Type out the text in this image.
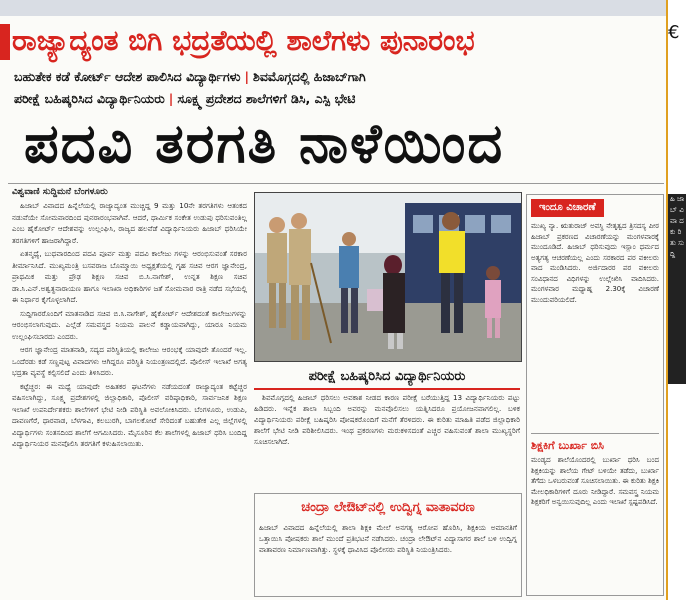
ರಾಜ್ಯಾದ್ಯಂತ ಬಿಗಿ ಭದ್ರತೆಯಲ್ಲಿ ಶಾಲೆಗಳು ಪುನಾರಂಭ
ಬಹುತೇಕ ಕಡೆ ಕೋರ್ಟ್ ಆದೇಶ ಪಾಲಿಸಿದ ವಿದ್ಯಾರ್ಥಿಗಳು | ಶಿವಮೊಗ್ಗದಲ್ಲಿ ಹಿಜಾಬ್‌ಗಾಗಿ
ಪರೀಕ್ಷೆ ಬಹಿಷ್ಕರಿಸಿದ ವಿದ್ಯಾರ್ಥಿನಿಯರು | ಸೂಕ್ಷ್ಮ ಪ್ರದೇಶದ ಶಾಲೆಗಳಿಗೆ ಡಿಸಿ, ಎಸ್ಪಿ ಭೇಟಿ
ಪದವಿ ತರಗತಿ ನಾಳೆಯಿಂದ
ವಿಶ್ವವಾಣಿ ಸುದ್ದಿಮನೆ ಬೆಂಗಳೂರು

ಹಿಜಾಬ್ ವಿವಾದದ ಹಿನ್ನೆಲೆಯಲ್ಲಿ ರಾಜ್ಯಾದ್ಯಂತ ಮುಚ್ಚಿದ್ದ 9 ಮತ್ತು 10ನೇ ತರಗತಿಗಳು ಆತಂಕದ ನಡುವೆಯೇ ಸೋಮವಾರದಿಂದ ಪುನರಾರಂಭವಾಗಿವೆ. ಆದರೆ, ಧಾರ್ಮಿಕ ಸಂಕೇತ ಉಡುಪು ಧರಿಸುವಂತಿಲ್ಲ ಎಂಬ ಹೈಕೋರ್ಟ್ ಆದೇಶವನ್ನು ಉಲ್ಲಂಘಿಸಿ, ರಾಜ್ಯದ ಹಲವೆಡೆ ವಿದ್ಯಾರ್ಥಿನಿಯರು ಹಿಜಾಬ್ ಧರಿಸಿಯೇ ತರಗತಿಗಳಿಗೆ ಹಾಜರಾಗಿದ್ದಾರೆ.

ಏತನ್ಮಧ್ಯೆ, ಬುಧವಾರದಿಂದ ಪದವಿ ಪೂರ್ವ ಮತ್ತು ಪದವಿ ಕಾಲೇಜು ಗಳನ್ನು ಆರಂಭಿಸುವಂತೆ ಸರಕಾರ ತೀರ್ಮಾನಿಸಿದೆ. ಮುಖ್ಯಮಂತ್ರಿ ಬಸವರಾಜ ಬೊಮ್ಮಾಯಿ ಅಧ್ಯಕ್ಷತೆಯಲ್ಲಿ ಗೃಹ ಸಚಿವ ಆರಗ ಜ್ಞಾನೇಂದ್ರ, ಪ್ರಾಥಮಿಕ ಮತ್ತು ಪ್ರೌಢ ಶಿಕ್ಷಣ ಸಚಿವ ಬಿ.ಸಿ.ನಾಗೇಶ್, ಉನ್ನತ ಶಿಕ್ಷಣ ಸಚಿವ ಡಾ.ಸಿ.ಎನ್.ಅಶ್ವತ್ಥನಾರಾಯಣ ಹಾಗೂ ಇಲಾಖಾ ಅಧಿಕಾರಿಗಳ ಜತೆ ಸೋಮವಾರ ರಾತ್ರಿ ನಡೆದ ಸಭೆಯಲ್ಲಿ ಈ ನಿರ್ಧಾರ ಕೈಗೊಳ್ಳಲಾಗಿದೆ.

ಸುದ್ದಿಗಾರರೊಂದಿಗೆ ಮಾತನಾಡಿದ ಸಚಿವ ಬಿ.ಸಿ.ನಾಗೇಶ್, ಹೈಕೋರ್ಟ್ ಆದೇಶದಂತೆ ಕಾಲೇಜುಗಳನ್ನು ಆರಂಭಿಸಲಾಗುವುದು. ಎಲ್ಲೆಡೆ ಸಮವಸ್ತ್ರದ ನಿಯಮ ಪಾಲನೆ ಕಡ್ಡಾಯವಾಗಿದ್ದು, ಯಾರೂ ನಿಯಮ ಉಲ್ಲಂಘಿಸಬಾರದು ಎಂದರು.

ಆರಗ ಜ್ಞಾನೇಂದ್ರ ಮಾತನಾಡಿ, ಸದ್ಯದ ಪರಿಸ್ಥಿತಿಯಲ್ಲಿ ಕಾಲೇಜು ಆರಂಭಕ್ಕೆ ಯಾವುದೇ ತೊಂದರೆ ಇಲ್ಲ. ಒಂದೆರಡು ಕಡೆ ಸಣ್ಣಪುಟ್ಟ ವಿವಾದಗಳು ಆಗಿದ್ದರೂ ಪರಿಸ್ಥಿತಿ ನಿಯಂತ್ರಣದಲ್ಲಿದೆ. ಪೊಲೀಸ್ ಇಲಾಖೆ ಅಗತ್ಯ ಭದ್ರತಾ ವ್ಯವಸ್ಥೆ ಕಲ್ಪಿಸಲಿದೆ ಎಂದು ತಿಳಿಸಿದರು.

ಕಟ್ಟೆಚ್ಚರ: ಈ ಮಧ್ಯೆ ಯಾವುದೇ ಅಹಿತಕರ ಘಟನೆಗಳು ನಡೆಯದಂತೆ ರಾಜ್ಯಾದ್ಯಂತ ಕಟ್ಟೆಚ್ಚರ ವಹಿಸಲಾಗಿದ್ದು, ಸೂಕ್ಷ್ಮ ಪ್ರದೇಶಗಳಲ್ಲಿ ಜಿಲ್ಲಾಧಿಕಾರಿ, ಪೊಲೀಸ್ ವರಿಷ್ಠಾಧಿಕಾರಿ, ಸಾರ್ವಜನಿಕ ಶಿಕ್ಷಣ ಇಲಾಖೆ ಉಪನಿರ್ದೇಶಕರು ಶಾಲೆಗಳಿಗೆ ಭೇಟಿ ನೀಡಿ ಪರಿಸ್ಥಿತಿ ಅವಲೋಕಿಸಿದರು. ಬೆಂಗಳೂರು, ಉಡುಪಿ, ದಾವಣಗೆರೆ, ಧಾರವಾಡ, ಬೆಳಗಾವಿ, ಕಲಬುರಗಿ, ಬಾಗಲಕೋಟೆ ಸೇರಿದಂತೆ ಬಹುತೇಕ ಎಲ್ಲ ಜಿಲ್ಲೆಗಳಲ್ಲಿ ವಿದ್ಯಾರ್ಥಿಗಳು ಸಂತಸದಿಂದ ಶಾಲೆಗೆ ಆಗಮಿಸಿದರು. ಮೈಸೂರಿನ ಕೆಲ ಶಾಲೆಗಳಲ್ಲಿ ಹಿಜಾಬ್ ಧರಿಸಿ ಬಂದಿದ್ದ ವಿದ್ಯಾರ್ಥಿನಿಯರ ಮನವೊಲಿಸಿ ತರಗತಿಗೆ ಕಳುಹಿಸಲಾಯಿತು.

ಪರೀಕ್ಷೆ ಬಹಿಷ್ಕರಿಸಿದ ವಿದ್ಯಾರ್ಥಿನಿಯರು

ಶಿವಮೊಗ್ಗದಲ್ಲಿ ಹಿಜಾಬ್ ಧರಿಸಲು ಅವಕಾಶ ನೀಡದ ಕಾರಣ ಪರೀಕ್ಷೆ ಬರೆಯುತ್ತಿದ್ದ 13 ವಿದ್ಯಾರ್ಥಿನಿಯರು ಪಟ್ಟು ಹಿಡಿದರು. ಇನ್ನೆಕ ಶಾಲಾ ಸಿಬ್ಬಂದಿ ಅವರನ್ನು ಮನವೊಲಿಸಲು ಯತ್ನಿಸಿದರೂ ಪ್ರಯೋಜನವಾಗಲಿಲ್ಲ. ಬಳಿಕ ವಿದ್ಯಾರ್ಥಿನಿಯರು ಪರೀಕ್ಷೆ ಬಹಿಷ್ಕರಿಸಿ ಪೋಷಕರೊಂದಿಗೆ ಮನೆಗೆ ತೆರಳಿದರು. ಈ ಕುರಿತು ಮಾಹಿತಿ ಪಡೆದ ಜಿಲ್ಲಾಧಿಕಾರಿ ಶಾಲೆಗೆ ಭೇಟಿ ನೀಡಿ ಪರಿಶೀಲಿಸಿದರು. ಇಂಥ ಪ್ರಕರಣಗಳು ಮರುಕಳಿಸದಂತೆ ಎಚ್ಚರ ವಹಿಸುವಂತೆ ಶಾಲಾ ಮುಖ್ಯಸ್ಥರಿಗೆ ಸೂಚಿಸಲಾಗಿದೆ.

ಚಂದ್ರಾ ಲೇಔಟ್‌ನಲ್ಲಿ ಉದ್ವಿಗ್ನ ವಾತಾವರಣ
ಹಿಜಾಬ್ ವಿವಾದದ ಹಿನ್ನೆಲೆಯಲ್ಲಿ ಶಾಲಾ ಶಿಕ್ಷಕಿ ಮೇಲೆ ಅನಗತ್ಯ ಆರೋಪ ಹೊರಿಸಿ, ಶಿಕ್ಷಕಿಯ ಅಮಾನತಿಗೆ ಒತ್ತಾಯಿಸಿ ಪೋಷಕರು ಶಾಲೆ ಮುಂದೆ ಪ್ರತಿಭಟನೆ ನಡೆಸಿದರು. ಚಂದ್ರಾ ಲೇಔಟ್‌ನ ವಿದ್ಯಾಸಾಗರ ಶಾಲೆ ಬಳಿ ಉದ್ವಿಗ್ನ ವಾತಾವರಣ ನಿರ್ಮಾಣವಾಗಿತ್ತು. ಸ್ಥಳಕ್ಕೆ ಧಾವಿಸಿದ ಪೊಲೀಸರು ಪರಿಸ್ಥಿತಿ ನಿಯಂತ್ರಿಸಿದರು.
ಇಂದೂ ವಿಚಾರಣೆ
ಮುಖ್ಯ ನ್ಯಾ. ಋತುರಾಜ್ ಅವಸ್ಥಿ ನೇತೃತ್ವದ ತ್ರಿಸದಸ್ಯ ಪೀಠ ಹಿಜಾಬ್ ಪ್ರಕರಣದ ವಿಚಾರಣೆಯನ್ನು ಮಂಗಳವಾರಕ್ಕೆ ಮುಂದೂಡಿದೆ. ಹಿಜಾಬ್ ಧರಿಸುವುದು ಇಸ್ಲಾಂ ಧರ್ಮದ ಅತ್ಯಗತ್ಯ ಆಚರಣೆಯಲ್ಲ ಎಂದು ಸರಕಾರದ ಪರ ವಕೀಲರು ವಾದ ಮಂಡಿಸಿದರು. ಅರ್ಜಿದಾರರ ಪರ ವಕೀಲರು ಸಂವಿಧಾನದ ವಿಧಿಗಳನ್ನು ಉಲ್ಲೇಖಿಸಿ ವಾದಿಸಿದರು. ಮಂಗಳವಾರ ಮಧ್ಯಾಹ್ನ 2.30ಕ್ಕೆ ವಿಚಾರಣೆ ಮುಂದುವರಿಯಲಿದೆ.
ಶಿಕ್ಷಕಿಗೆ ಬುರ್ಖಾ ಬಿಸಿ
ಮಂಡ್ಯದ ಶಾಲೆಯೊಂದರಲ್ಲಿ ಬುರ್ಖಾ ಧರಿಸಿ ಬಂದ ಶಿಕ್ಷಕಿಯನ್ನು ಶಾಲೆಯ ಗೇಟ್ ಬಳಿಯೇ ತಡೆದು, ಬುರ್ಖಾ ತೆಗೆದು ಒಳಬರುವಂತೆ ಸೂಚಿಸಲಾಯಿತು. ಈ ಕುರಿತು ಶಿಕ್ಷಕಿ ಮೇಲಧಿಕಾರಿಗಳಿಗೆ ದೂರು ನೀಡಿದ್ದಾರೆ. ಸಮವಸ್ತ್ರ ನಿಯಮ ಶಿಕ್ಷಕರಿಗೆ ಅನ್ವಯಿಸುವುದಿಲ್ಲ ಎಂದು ಇಲಾಖೆ ಸ್ಪಷ್ಟಪಡಿಸಿದೆ.
€
ಹಿ ಜಾ ಬ್ ವಿ ವಾ ದ ಕು ರಿ ತು ಸು ದ್ದಿ
